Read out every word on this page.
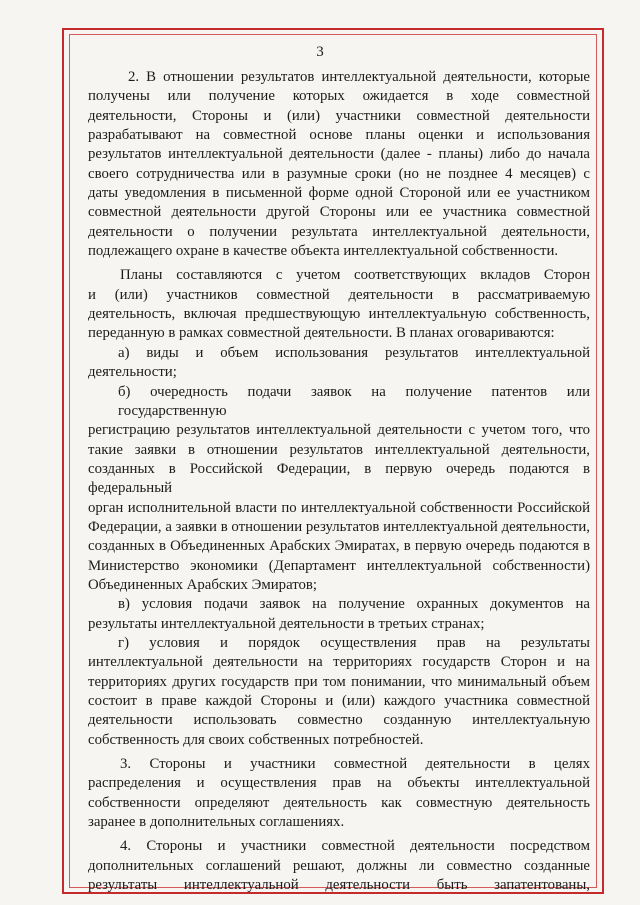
3
2. В отношении результатов интеллектуальной деятельности, которые
получены или получение которых ожидается в ходе совместной
деятельности, Стороны и (или) участники совместной деятельности
разрабатывают на совместной основе планы оценки и использования
результатов интеллектуальной деятельности (далее - планы) либо до начала
своего сотрудничества или в разумные сроки (но не позднее 4 месяцев) с
даты уведомления в письменной форме одной Стороной или ее участником
совместной деятельности другой Стороны или ее участника совместной
деятельности о получении результата интеллектуальной деятельности,
подлежащего охране в качестве объекта интеллектуальной собственности.
Планы составляются с учетом соответствующих вкладов Сторон
и (или) участников совместной деятельности в рассматриваемую
деятельность, включая предшествующую интеллектуальную собственность,
переданную в рамках совместной деятельности. В планах оговариваются:
а) виды и объем использования результатов интеллектуальной
деятельности;
б) очередность подачи заявок на получение патентов или государственную
регистрацию результатов интеллектуальной деятельности с учетом того, что
такие заявки в отношении результатов интеллектуальной деятельности,
созданных в Российской Федерации, в первую очередь подаются в федеральный
орган исполнительной власти по интеллектуальной собственности Российской
Федерации, а заявки в отношении результатов интеллектуальной деятельности,
созданных в Объединенных Арабских Эмиратах, в первую очередь подаются в
Министерство экономики (Департамент интеллектуальной собственности)
Объединенных Арабских Эмиратов;
в) условия подачи заявок на получение охранных документов на
результаты интеллектуальной деятельности в третьих странах;
г) условия и порядок осуществления прав на результаты
интеллектуальной деятельности на территориях государств Сторон и на
территориях других государств при том понимании, что минимальный объем
состоит в праве каждой Стороны и (или) каждого участника совместной
деятельности использовать совместно созданную интеллектуальную
собственность для своих собственных потребностей.
3. Стороны и участники совместной деятельности в целях
распределения и осуществления прав на объекты интеллектуальной
собственности определяют деятельность как совместную деятельность
заранее в дополнительных соглашениях.
4. Стороны и участники совместной деятельности посредством
дополнительных соглашений решают, должны ли совместно созданные
результаты интеллектуальной деятельности быть запатентованы,
